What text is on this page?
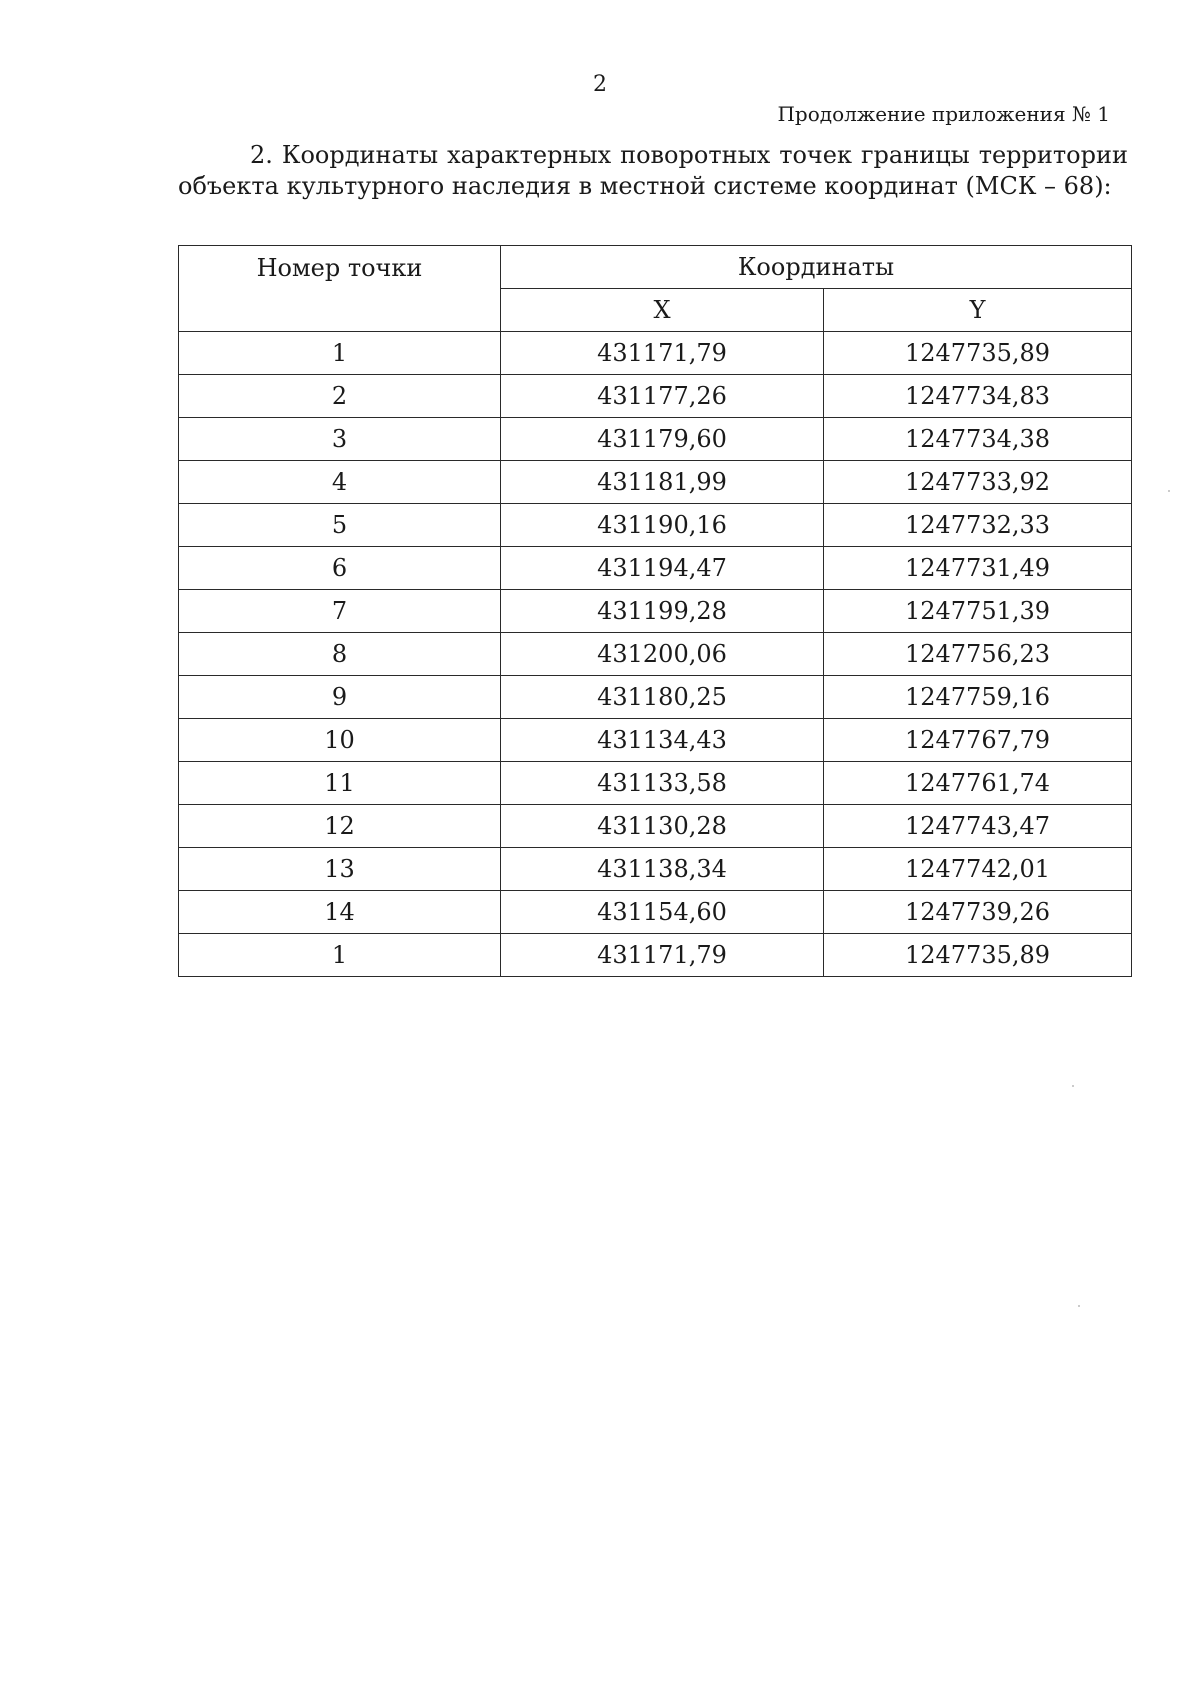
2
Продолжение приложения № 1
2. Координаты характерных поворотных точек границы территории
объекта культурного наследия в местной системе координат (МСК – 68):
Номер точки	Координаты	
	X	Y
1	431171,79	1247735,89
2	431177,26	1247734,83
3	431179,60	1247734,38
4	431181,99	1247733,92
5	431190,16	1247732,33
6	431194,47	1247731,49
7	431199,28	1247751,39
8	431200,06	1247756,23
9	431180,25	1247759,16
10	431134,43	1247767,79
11	431133,58	1247761,74
12	431130,28	1247743,47
13	431138,34	1247742,01
14	431154,60	1247739,26
1	431171,79	1247735,89
